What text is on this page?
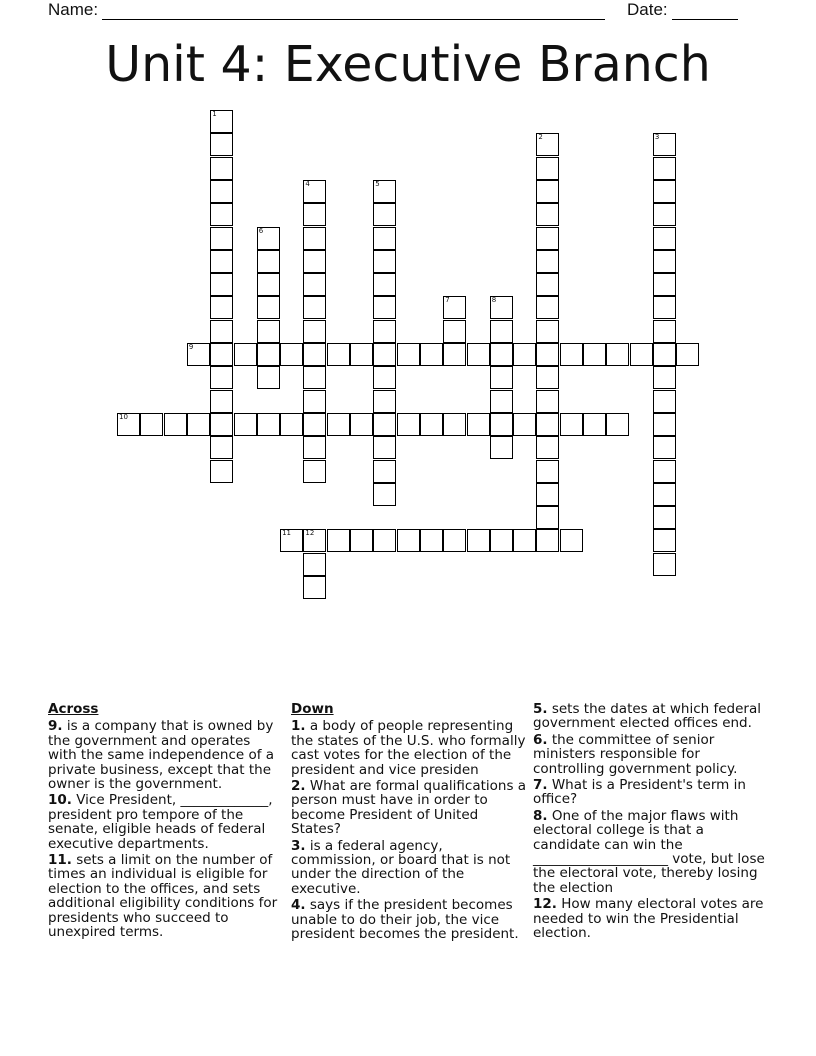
Name:	Date:
Unit 4: Executive Branch
1
2	3
4	5
6
7	8
9
10
11 12
Across
9. is a company that is owned by the government and operates with the same independence of a private business, except that the owner is the government.
10. Vice President, _____________, president pro tempore of the senate, eligible heads of federal executive departments.
11. sets a limit on the number of times an individual is eligible for election to the offices, and sets additional eligibility conditions for presidents who succeed to unexpired terms.
Down
1. a body of people representing the states of the U.S. who formally cast votes for the election of the president and vice presiden
2. What are formal qualifications a person must have in order to become President of United States?
3. is a federal agency, commission, or board that is not under the direction of the executive.
4. says if the president becomes unable to do their job, the vice president becomes the president.
5. sets the dates at which federal government elected offices end.
6. the committee of senior ministers responsible for controlling government policy.
7. What is a President's term in office?
8. One of the major flaws with electoral college is that a candidate can win the ____________________ vote, but lose the electoral vote, thereby losing the election
12. How many electoral votes are needed to win the Presidential election.
